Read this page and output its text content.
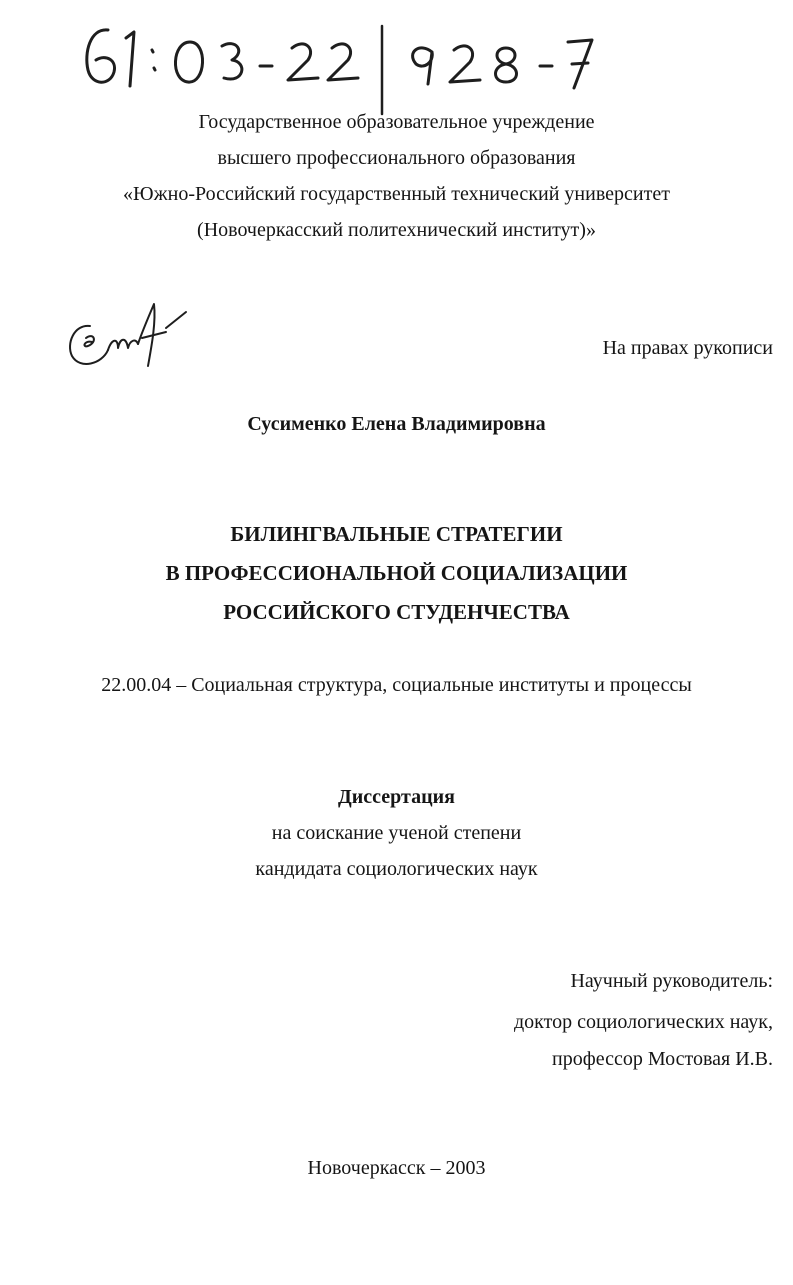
Государственное образовательное учреждение
высшего профессионального образования
«Южно-Российский государственный технический университет
(Новочеркасский политехнический институт)»
На правах рукописи
Сусименко Елена Владимировна
БИЛИНГВАЛЬНЫЕ СТРАТЕГИИ
В ПРОФЕССИОНАЛЬНОЙ СОЦИАЛИЗАЦИИ
РОССИЙСКОГО СТУДЕНЧЕСТВА
22.00.04 – Социальная структура, социальные институты и процессы
Диссертация
на соискание ученой степени
кандидата социологических наук
Научный руководитель:
доктор социологических наук,
профессор Мостовая И.В.
Новочеркасск – 2003
